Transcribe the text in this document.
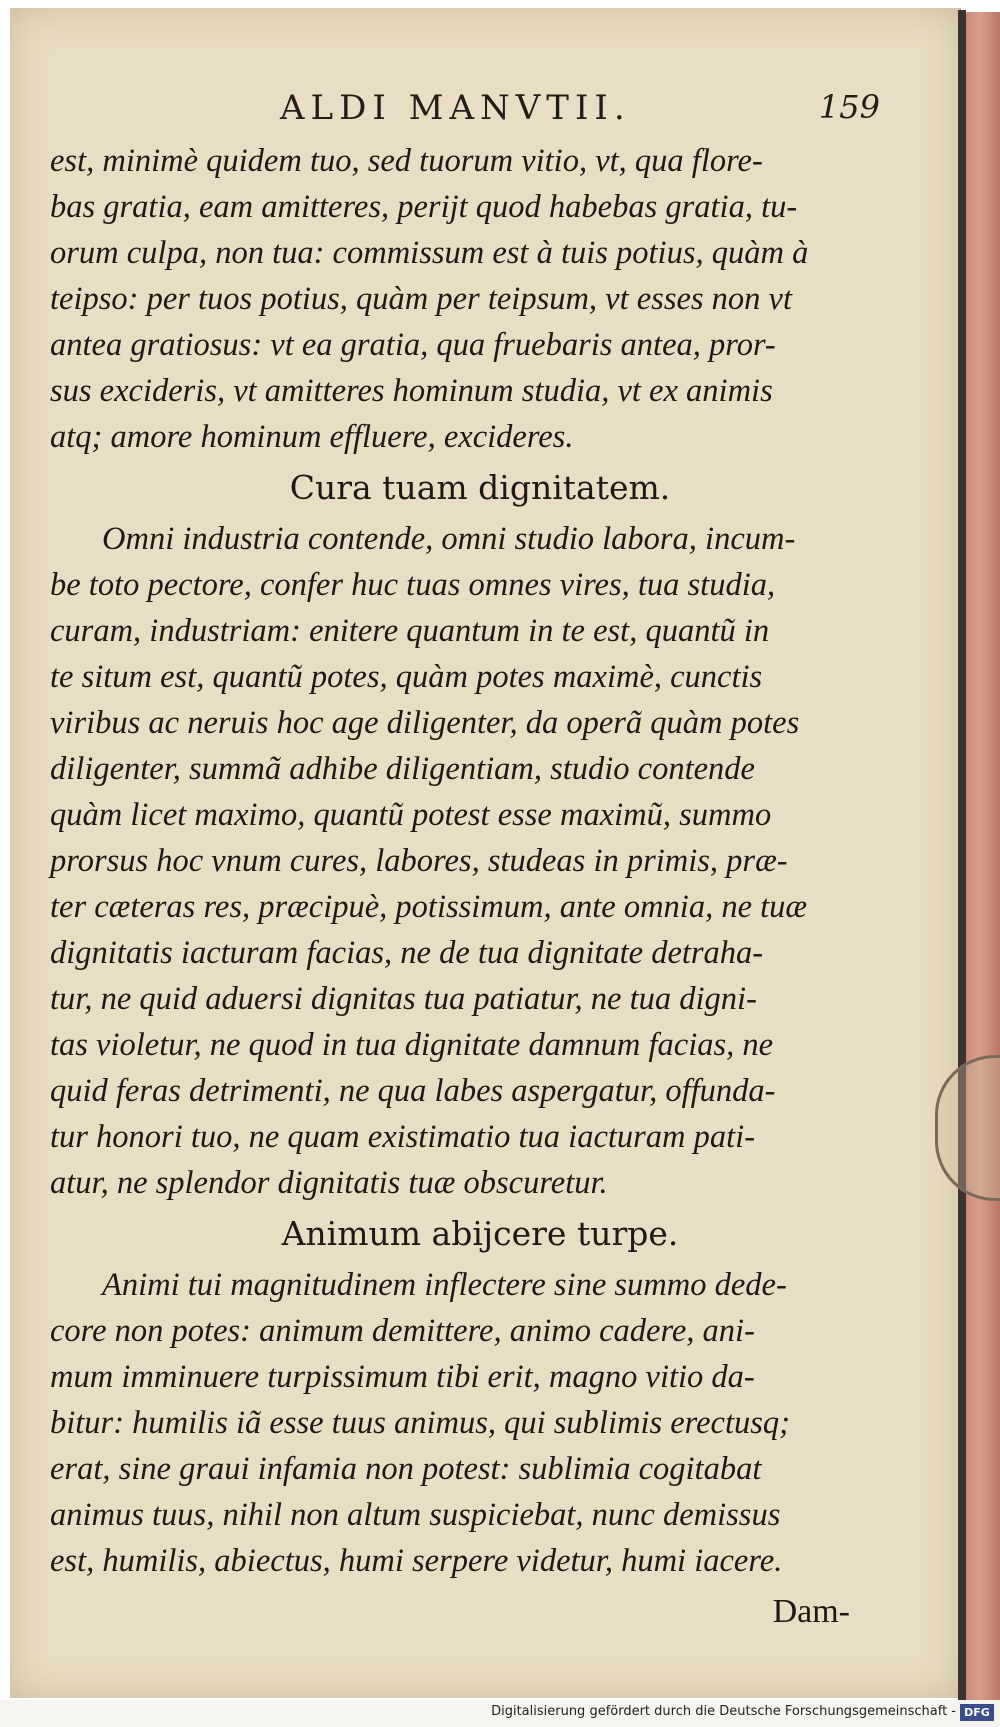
ALDI MANVTII.	159
est, minimè quidem tuo, sed tuorum vitio, vt, qua flore-
bas gratia, eam amitteres, perijt quod habebas gratia, tu-
orum culpa, non tua: commissum est à tuis potius, quàm à
teipso: per tuos potius, quàm per teipsum, vt esses non vt
antea gratiosus: vt ea gratia, qua fruebaris antea, pror-
sus excideris, vt amitteres hominum studia, vt ex animis
atq; amore hominum effluere, excideres.
Cura tuam dignitatem.
Omni industria contende, omni studio labora, incum-
be toto pectore, confer huc tuas omnes vires, tua studia,
curam, industriam: enitere quantum in te est, quantũ in
te situm est, quantũ potes, quàm potes maximè, cunctis
viribus ac neruis hoc age diligenter, da operã quàm potes
diligenter, summã adhibe diligentiam, studio contende
quàm licet maximo, quantũ potest esse maximũ, summo
prorsus hoc vnum cures, labores, studeas in primis, præ-
ter cæteras res, præcipuè, potissimum, ante omnia, ne tuæ
dignitatis iacturam facias, ne de tua dignitate detraha-
tur, ne quid aduersi dignitas tua patiatur, ne tua digni-
tas violetur, ne quod in tua dignitate damnum facias, ne
quid feras detrimenti, ne qua labes aspergatur, offunda-
tur honori tuo, ne quam existimatio tua iacturam pati-
atur, ne splendor dignitatis tuæ obscuretur.
Animum abijcere turpe.
Animi tui magnitudinem inflectere sine summo dede-
core non potes: animum demittere, animo cadere, ani-
mum imminuere turpissimum tibi erit, magno vitio da-
bitur: humilis iã esse tuus animus, qui sublimis erectusq;
erat, sine graui infamia non potest: sublimia cogitabat
animus tuus, nihil non altum suspiciebat, nunc demissus
est, humilis, abiectus, humi serpere videtur, humi iacere.
Dam-
Digitalisierung gefördert durch die Deutsche Forschungsgemeinschaft - DFG
